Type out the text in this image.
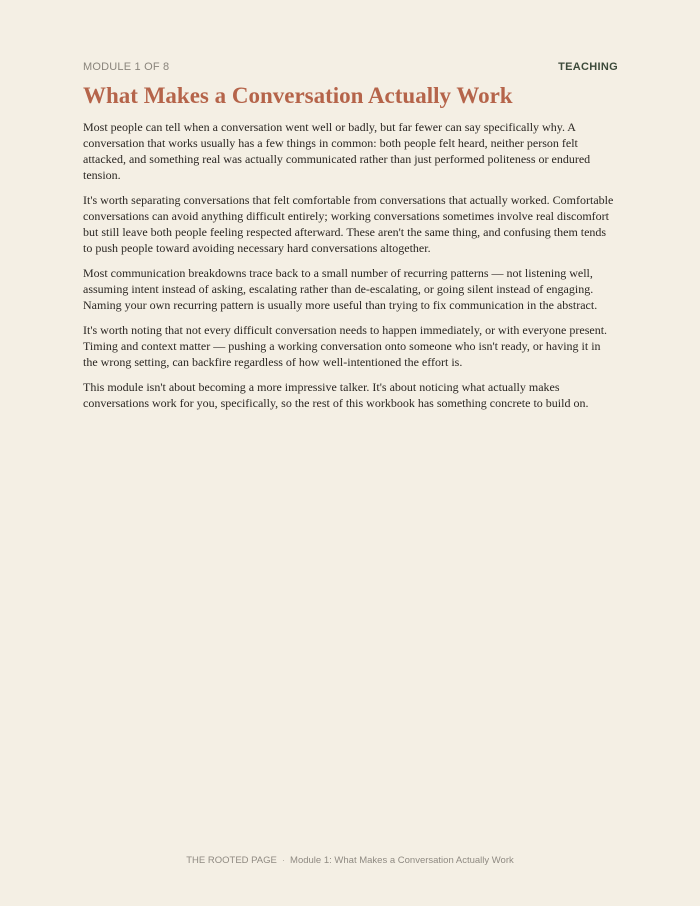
MODULE 1 OF 8	TEACHING
What Makes a Conversation Actually Work

Most people can tell when a conversation went well or badly, but far fewer can say specifically why. A conversation that works usually has a few things in common: both people felt heard, neither person felt attacked, and something real was actually communicated rather than just performed politeness or endured tension.

It's worth separating conversations that felt comfortable from conversations that actually worked. Comfortable conversations can avoid anything difficult entirely; working conversations sometimes involve real discomfort but still leave both people feeling respected afterward. These aren't the same thing, and confusing them tends to push people toward avoiding necessary hard conversations altogether.

Most communication breakdowns trace back to a small number of recurring patterns — not listening well, assuming intent instead of asking, escalating rather than de-escalating, or going silent instead of engaging. Naming your own recurring pattern is usually more useful than trying to fix communication in the abstract.

It's worth noting that not every difficult conversation needs to happen immediately, or with everyone present. Timing and context matter — pushing a working conversation onto someone who isn't ready, or having it in the wrong setting, can backfire regardless of how well-intentioned the effort is.

This module isn't about becoming a more impressive talker. It's about noticing what actually makes conversations work for you, specifically, so the rest of this workbook has something concrete to build on.

THE ROOTED PAGE · Module 1: What Makes a Conversation Actually Work
